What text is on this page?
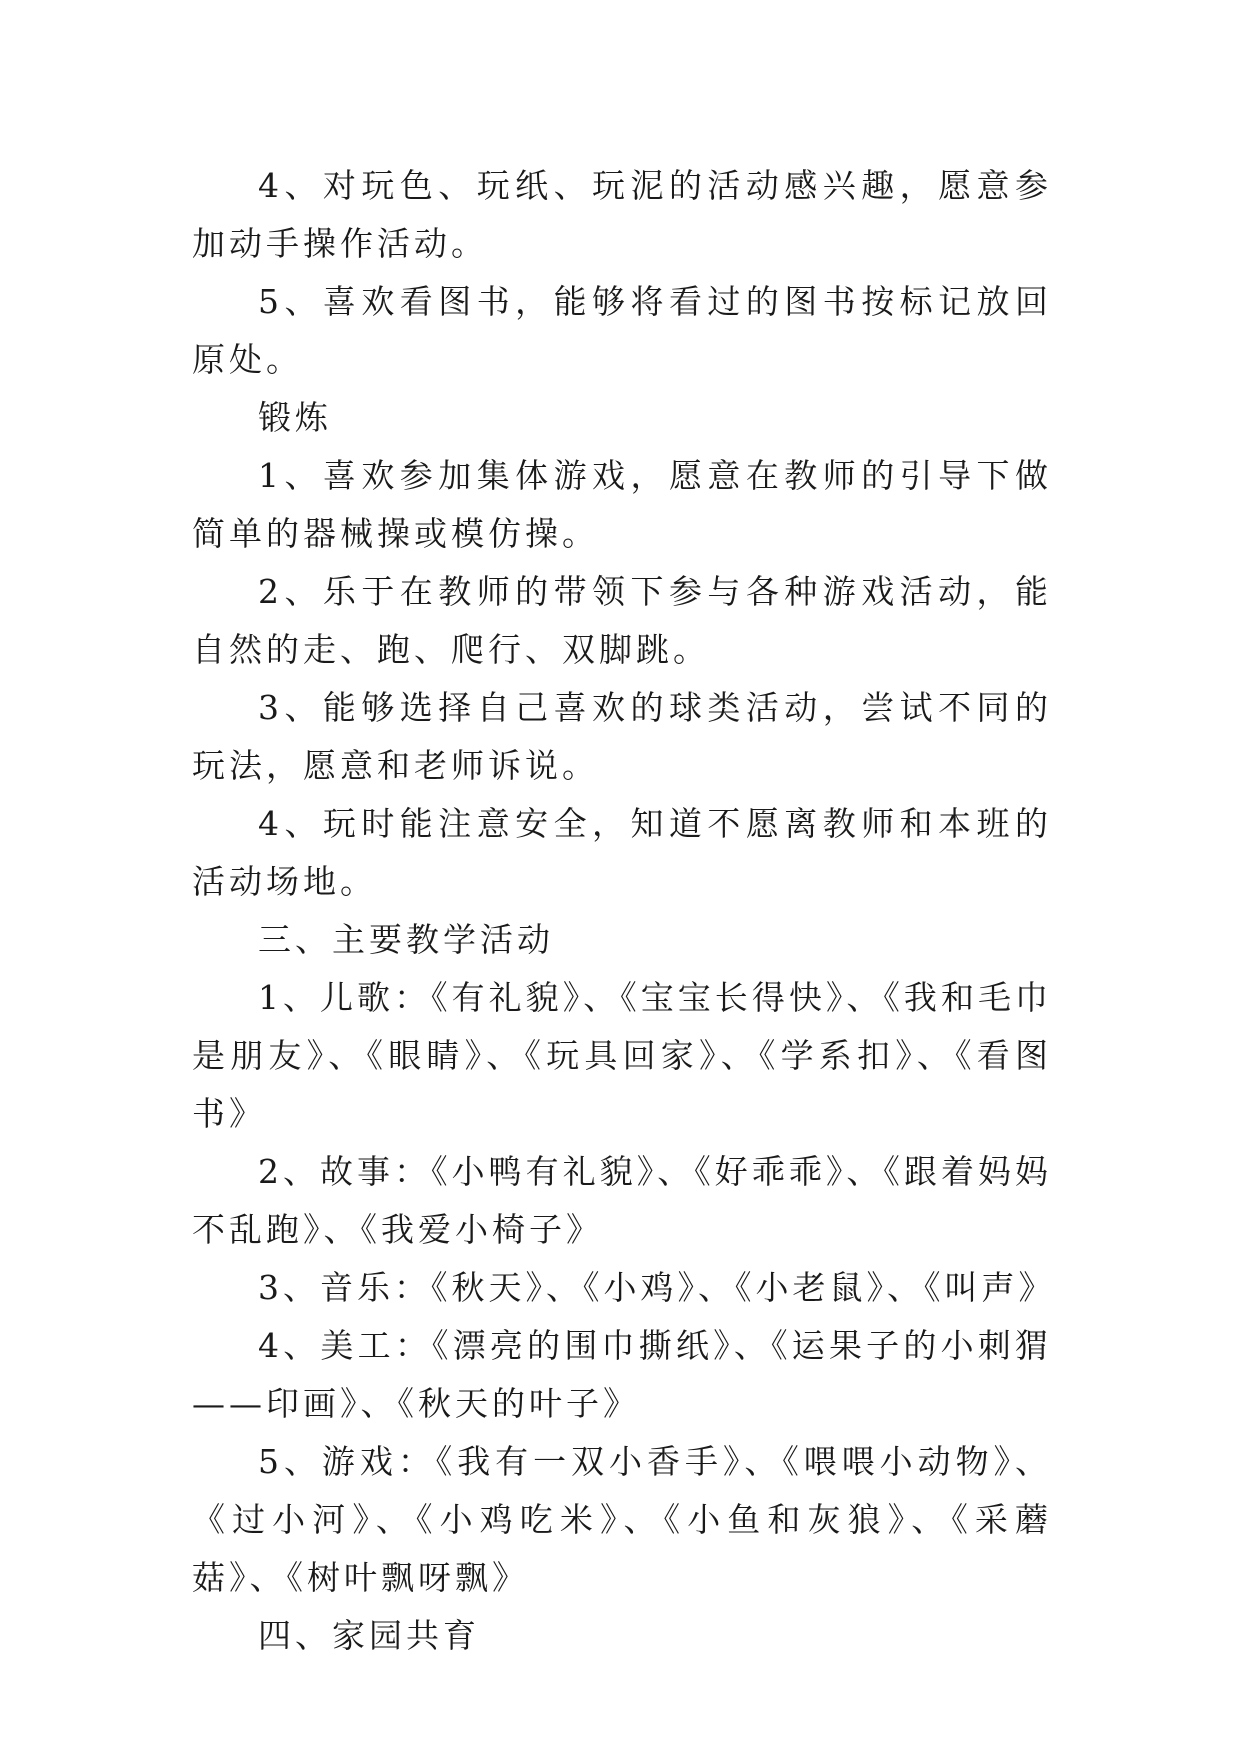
4、对玩色、玩纸、玩泥的活动感兴趣，愿意参加动手操作活动。

5、喜欢看图书，能够将看过的图书按标记放回原处。

锻炼

1、喜欢参加集体游戏，愿意在教师的引导下做简单的器械操或模仿操。

2、乐于在教师的带领下参与各种游戏活动，能自然的走、跑、爬行、双脚跳。

3、能够选择自己喜欢的球类活动，尝试不同的玩法，愿意和老师诉说。

4、玩时能注意安全，知道不愿离教师和本班的活动场地。

三、主要教学活动

1、儿歌：《有礼貌》、《宝宝长得快》、《我和毛巾是朋友》、《眼睛》、《玩具回家》、《学系扣》、《看图书》

2、故事：《小鸭有礼貌》、《好乖乖》、《跟着妈妈不乱跑》、《我爱小椅子》

3、音乐：《秋天》、《小鸡》、《小老鼠》、《叫声》

4、美工：《漂亮的围巾撕纸》、《运果子的小刺猬——印画》、《秋天的叶子》

5、游戏：《我有一双小香手》、《喂喂小动物》、《过小河》、《小鸡吃米》、《小鱼和灰狼》、《采蘑菇》、《树叶飘呀飘》

四、家园共育
